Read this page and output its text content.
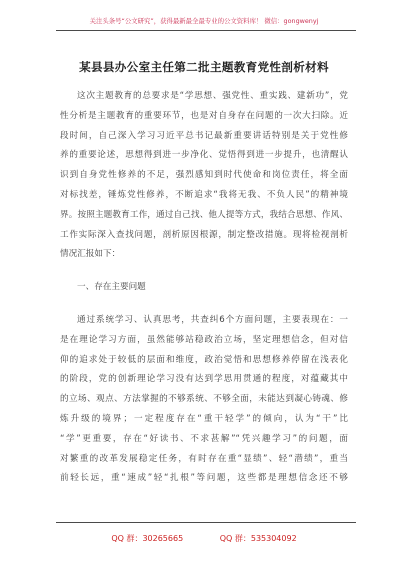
关注头条号“公文研究”，获得最新最全最专业的公文资料库！ 微信：gongwenyj
某县县办公室主任第二批主题教育党性剖析材料
这次主题教育的总要求是“学思想、强党性、重实践、建新功”，党
性分析是主题教育的重要环节，也是对自身存在问题的一次大扫除。近
段时间，自己深入学习习近平总书记最新重要讲话特别是关于党性修
养的重要论述，思想得到进一步净化、觉悟得到进一步提升，也清醒认
识到自身党性修养的不足，强烈感知到时代使命和岗位责任，将全面
对标找差，锤炼党性修养，不断追求“我将无我、不负人民”的精神境
界。按照主题教育工作，通过自己找、他人提等方式，我结合思想、作风、
工作实际深入查找问题，剖析原因根源，制定整改措施。现将检视剖析
情况汇报如下：
一、存在主要问题
通过系统学习、认真思考，共查纠6个方面问题，主要表现在：一
是在理论学习方面，虽然能够站稳政治立场，坚定理想信念，但对信
仰的追求处于较低的层面和维度，政治觉悟和思想修养停留在浅表化
的阶段，党的创新理论学习没有达到学思用贯通的程度，对蕴藏其中
的立场、观点、方法掌握的不够系统、不够全面，未能达到凝心铸魂、修
炼升级的境界；一定程度存在“重干轻学”的倾向，认为“干”比
“学”更重要，存在“好读书、不求甚解”“凭兴趣学习”的问题，面
对繁重的改革发展稳定任务，有时存在重“显绩”、轻“潜绩”，重当
前轻长远，重“速成”轻“扎根”等问题，这些都是理想信念还不够
QQ 群：30265665	QQ 群：535304092
